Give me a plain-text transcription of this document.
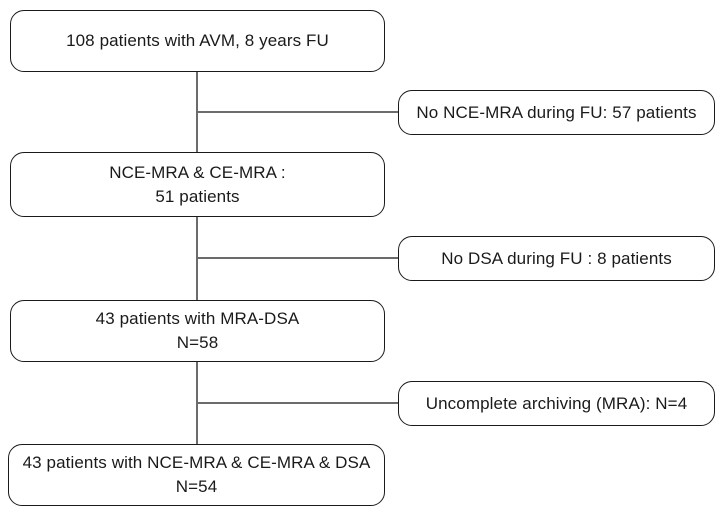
108 patients with AVM, 8 years FU
NCE-MRA & CE-MRA :
51 patients
43 patients with MRA-DSA
N=58
43 patients with NCE-MRA & CE-MRA & DSA
N=54
No NCE-MRA during FU: 57 patients
No DSA during FU : 8 patients
Uncomplete archiving (MRA): N=4
